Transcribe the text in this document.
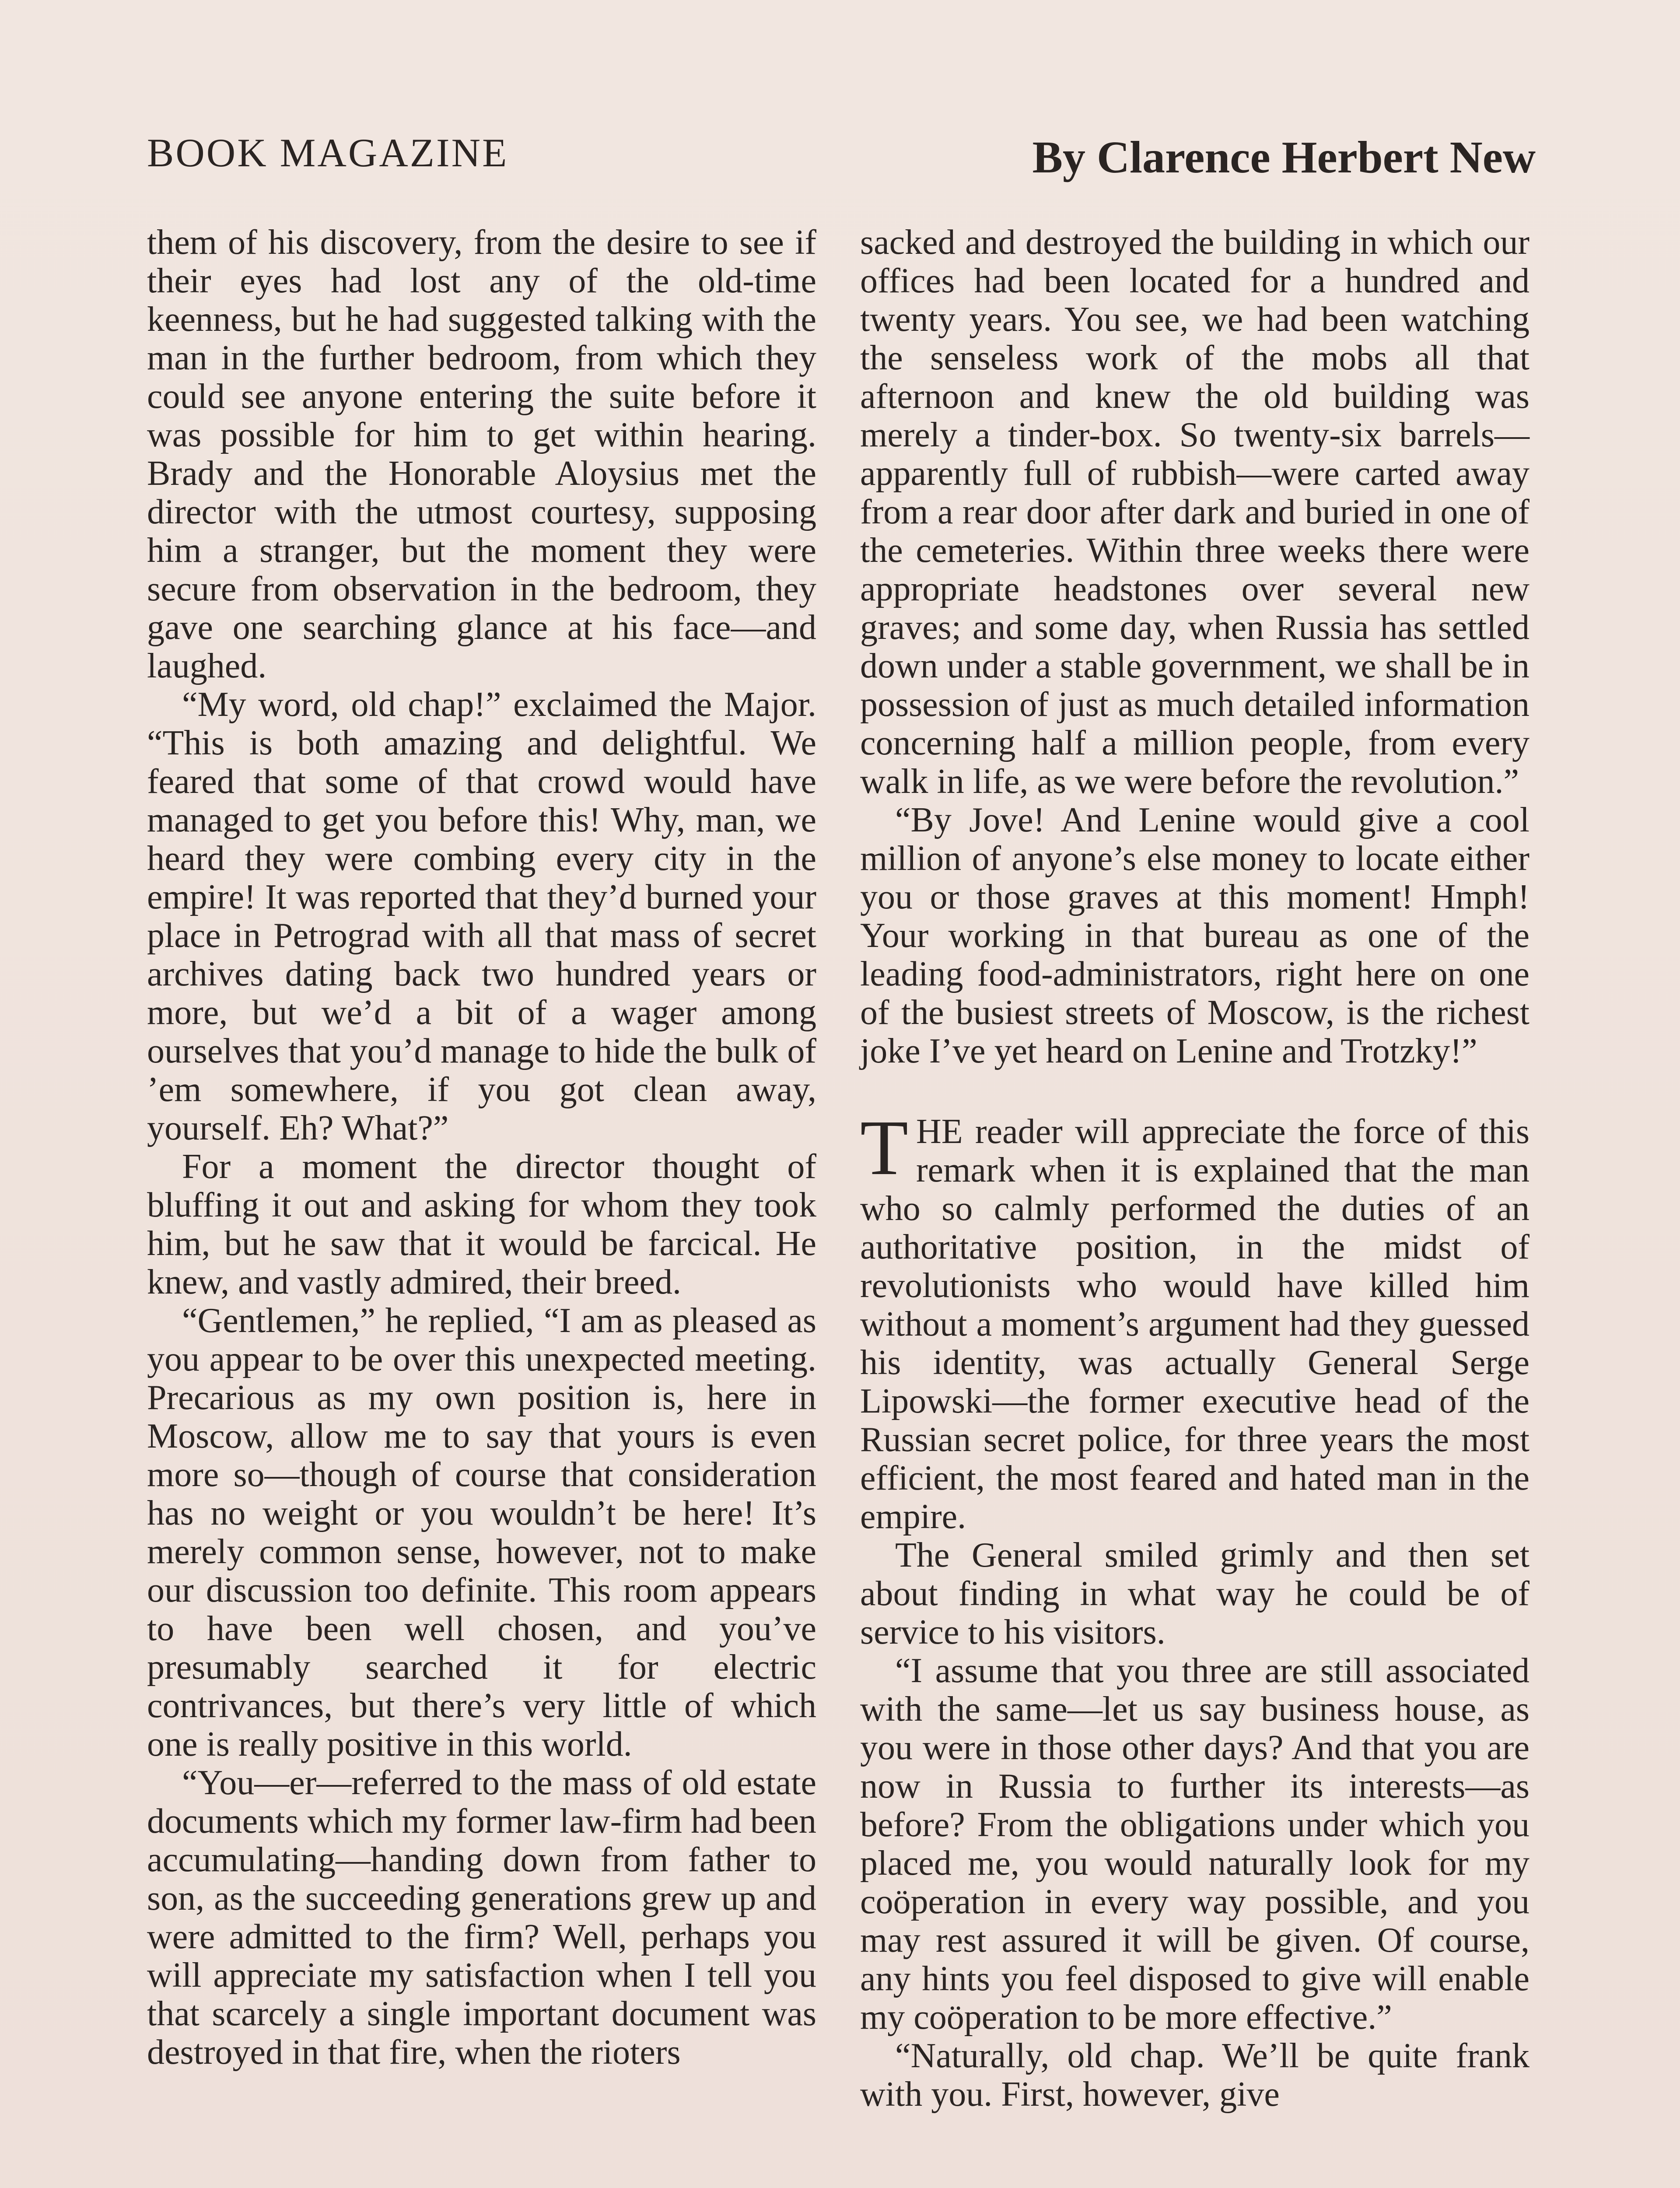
BOOK MAGAZINE	By Clarence Herbert New

them of his discovery, from the desire to see if their eyes had lost any of the old-time keenness, but he had suggested talking with the man in the further bedroom, from which they could see anyone entering the suite before it was possible for him to get within hearing. Brady and the Honorable Aloysius met the director with the utmost courtesy, supposing him a stranger, but the moment they were secure from observation in the bedroom, they gave one searching glance at his face—and laughed.

“My word, old chap!” exclaimed the Major. “This is both amazing and delightful. We feared that some of that crowd would have managed to get you before this! Why, man, we heard they were combing every city in the empire! It was reported that they’d burned your place in Petrograd with all that mass of secret archives dating back two hundred years or more, but we’d a bit of a wager among ourselves that you’d manage to hide the bulk of ’em somewhere, if you got clean away, yourself. Eh? What?”

For a moment the director thought of bluffing it out and asking for whom they took him, but he saw that it would be farcical. He knew, and vastly admired, their breed.

“Gentlemen,” he replied, “I am as pleased as you appear to be over this unexpected meeting. Precarious as my own position is, here in Moscow, allow me to say that yours is even more so—though of course that consideration has no weight or you wouldn’t be here! It’s merely common sense, however, not to make our discussion too definite. This room appears to have been well chosen, and you’ve presumably searched it for electric contrivances, but there’s very little of which one is really positive in this world.

“You—er—referred to the mass of old estate documents which my former law-firm had been accumulating—handing down from father to son, as the succeeding generations grew up and were admitted to the firm? Well, perhaps you will appreciate my satisfaction when I tell you that scarcely a single important document was destroyed in that fire, when the rioters

sacked and destroyed the building in which our offices had been located for a hundred and twenty years. You see, we had been watching the senseless work of the mobs all that afternoon and knew the old building was merely a tinder-box. So twenty-six barrels—apparently full of rubbish—were carted away from a rear door after dark and buried in one of the cemeteries. Within three weeks there were appropriate headstones over several new graves; and some day, when Russia has settled down under a stable government, we shall be in possession of just as much detailed information concerning half a million people, from every walk in life, as we were before the revolution.”

“By Jove! And Lenine would give a cool million of anyone’s else money to locate either you or those graves at this moment! Hmph! Your working in that bureau as one of the leading food-administrators, right here on one of the busiest streets of Moscow, is the richest joke I’ve yet heard on Lenine and Trotzky!”

THE reader will appreciate the force of this remark when it is explained that the man who so calmly performed the duties of an authoritative position, in the midst of revolutionists who would have killed him without a moment’s argument had they guessed his identity, was actually General Serge Lipowski—the former executive head of the Russian secret police, for three years the most efficient, the most feared and hated man in the empire.

The General smiled grimly and then set about finding in what way he could be of service to his visitors.

“I assume that you three are still associated with the same—let us say business house, as you were in those other days? And that you are now in Russia to further its interests—as before? From the obligations under which you placed me, you would naturally look for my coöperation in every way possible, and you may rest assured it will be given. Of course, any hints you feel disposed to give will enable my coöperation to be more effective.”

“Naturally, old chap. We’ll be quite frank with you. First, however, give
